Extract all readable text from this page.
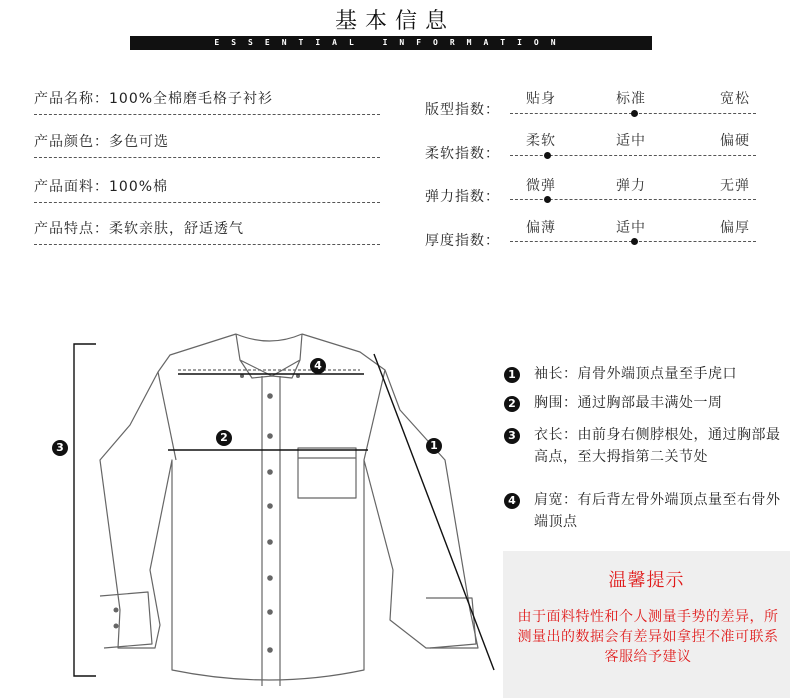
基本信息
ESSENTIAL INFORMATION
产品名称：100%全棉磨毛格子衬衫
产品颜色：多色可选
产品面料：100%棉
产品特点：柔软亲肤，舒适透气
版型指数：
贴身	标准	宽松
柔软指数：
柔软	适中	偏硬
弹力指数：
微弹	弹力	无弹
厚度指数：
偏薄	适中	偏厚
4
2
3	1
1 袖长：肩骨外端顶点量至手虎口
2 胸围：通过胸部最丰满处一周
3 衣长：由前身右侧脖根处，通过胸部最高点，至大拇指第二关节处
4 肩宽：有后背左骨外端顶点量至右骨外端顶点
温馨提示
由于面料特性和个人测量手势的差异，所测量出的数据会有差异如拿捏不准可联系客服给予建议
